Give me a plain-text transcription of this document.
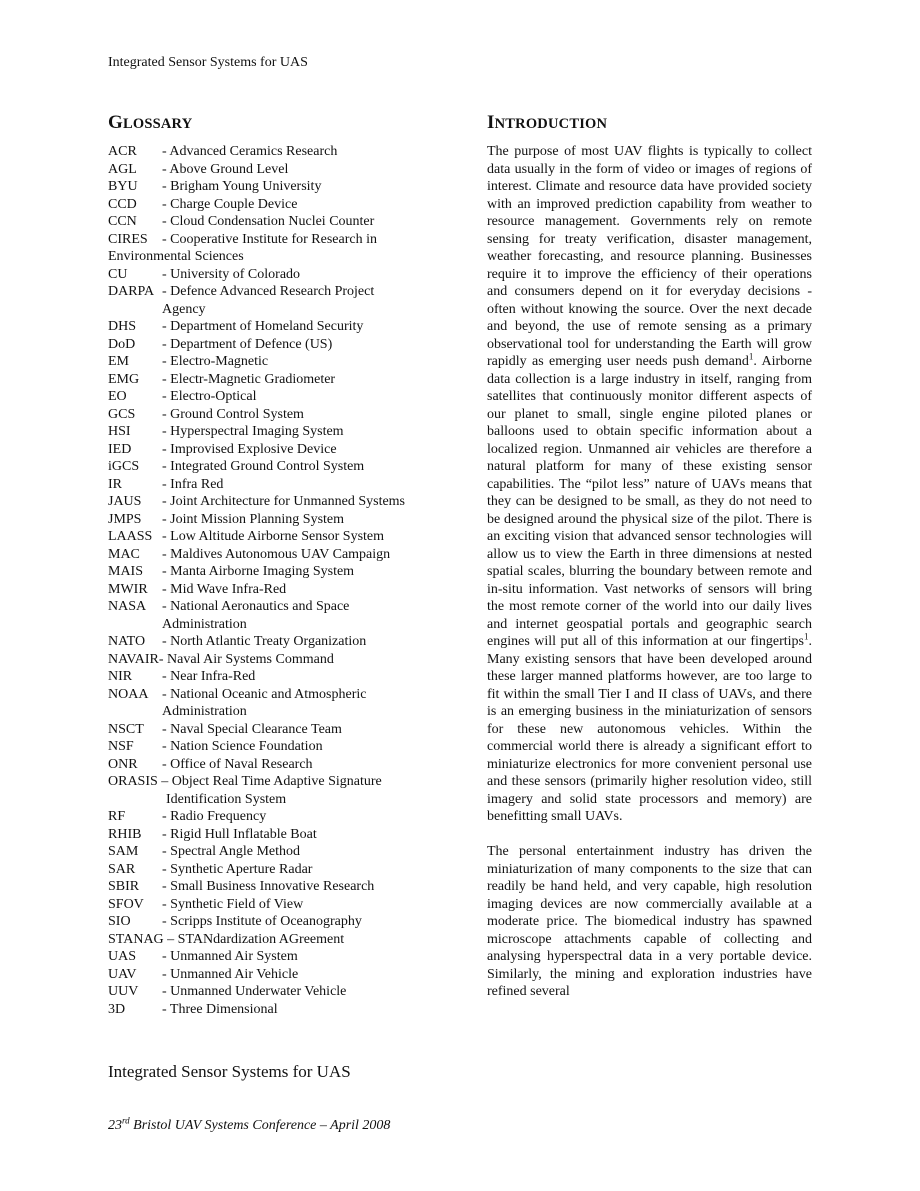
Integrated Sensor Systems for UAS
GLOSSARY
ACR	- Advanced Ceramics Research
AGL	- Above Ground Level
BYU	- Brigham Young University
CCD	- Charge Couple Device
CCN	- Cloud Condensation Nuclei Counter
CIRES	- Cooperative Institute for Research in
Environmental Sciences
CU	- University of Colorado
DARPA - Defence Advanced Research Project
Agency
DHS	- Department of Homeland Security
DoD	- Department of Defence (US)
EM	- Electro-Magnetic
EMG	- Electr-Magnetic Gradiometer
EO	- Electro-Optical
GCS	- Ground Control System
HSI	- Hyperspectral Imaging System
IED	- Improvised Explosive Device
iGCS	- Integrated Ground Control System
IR	- Infra Red
JAUS	- Joint Architecture for Unmanned Systems
JMPS	- Joint Mission Planning System
LAASS - Low Altitude Airborne Sensor System
MAC	- Maldives Autonomous UAV Campaign
MAIS	- Manta Airborne Imaging System
MWIR	- Mid Wave Infra-Red
NASA	- National Aeronautics and Space
Administration
NATO	- North Atlantic Treaty Organization
NAVAIR- Naval Air Systems Command
NIR	- Near Infra-Red
NOAA - National Oceanic and Atmospheric
Administration
NSCT	- Naval Special Clearance Team
NSF	- Nation Science Foundation
ONR	- Office of Naval Research
ORASIS – Object Real Time Adaptive Signature
Identification System
RF	- Radio Frequency
RHIB	- Rigid Hull Inflatable Boat
SAM	- Spectral Angle Method
SAR	- Synthetic Aperture Radar
SBIR	- Small Business Innovative Research
SFOV	- Synthetic Field of View
SIO	- Scripps Institute of Oceanography
STANAG – STANdardization AGreement
UAS	- Unmanned Air System
UAV	- Unmanned Air Vehicle
UUV	- Unmanned Underwater Vehicle
3D	- Three Dimensional
INTRODUCTION

The purpose of most UAV flights is typically to collect data usually in the form of video or images of regions of interest. Climate and resource data have provided society with an improved prediction capability from weather to resource management. Governments rely on remote sensing for treaty verification, disaster management, weather forecasting, and resource planning. Businesses require it to improve the efficiency of their operations and consumers depend on it for everyday decisions - often without knowing the source. Over the next decade and beyond, the use of remote sensing as a primary observational tool for understanding the Earth will grow rapidly as emerging user needs push demand$^1$. Airborne data collection is a large industry in itself, ranging from satellites that continuously monitor different aspects of our planet to small, single engine piloted planes or balloons used to obtain specific information about a localized region. Unmanned air vehicles are therefore a natural platform for many of these existing sensor capabilities. The “pilot less” nature of UAVs means that they can be designed to be small, as they do not need to be designed around the physical size of the pilot. There is an exciting vision that advanced sensor technologies will allow us to view the Earth in three dimensions at nested spatial scales, blurring the boundary between remote and in-situ information. Vast networks of sensors will bring the most remote corner of the world into our daily lives and internet geospatial portals and geographic search engines will put all of this information at our fingertips$^1$. Many existing sensors that have been developed around these larger manned platforms however, are too large to fit within the small Tier I and II class of UAVs, and there is an emerging business in the miniaturization of sensors for these new autonomous vehicles. Within the commercial world there is already a significant effort to miniaturize electronics for more convenient personal use and these sensors (primarily higher resolution video, still imagery and solid state processors and memory) are benefitting small UAVs.

The personal entertainment industry has driven the miniaturization of many components to the size that can readily be hand held, and very capable, high resolution imaging devices are now commercially available at a moderate price. The biomedical industry has spawned microscope attachments capable of collecting and analysing hyperspectral data in a very portable device. Similarly, the mining and exploration industries have refined several

Integrated Sensor Systems for UAS
23rd Bristol UAV Systems Conference – April 2008
